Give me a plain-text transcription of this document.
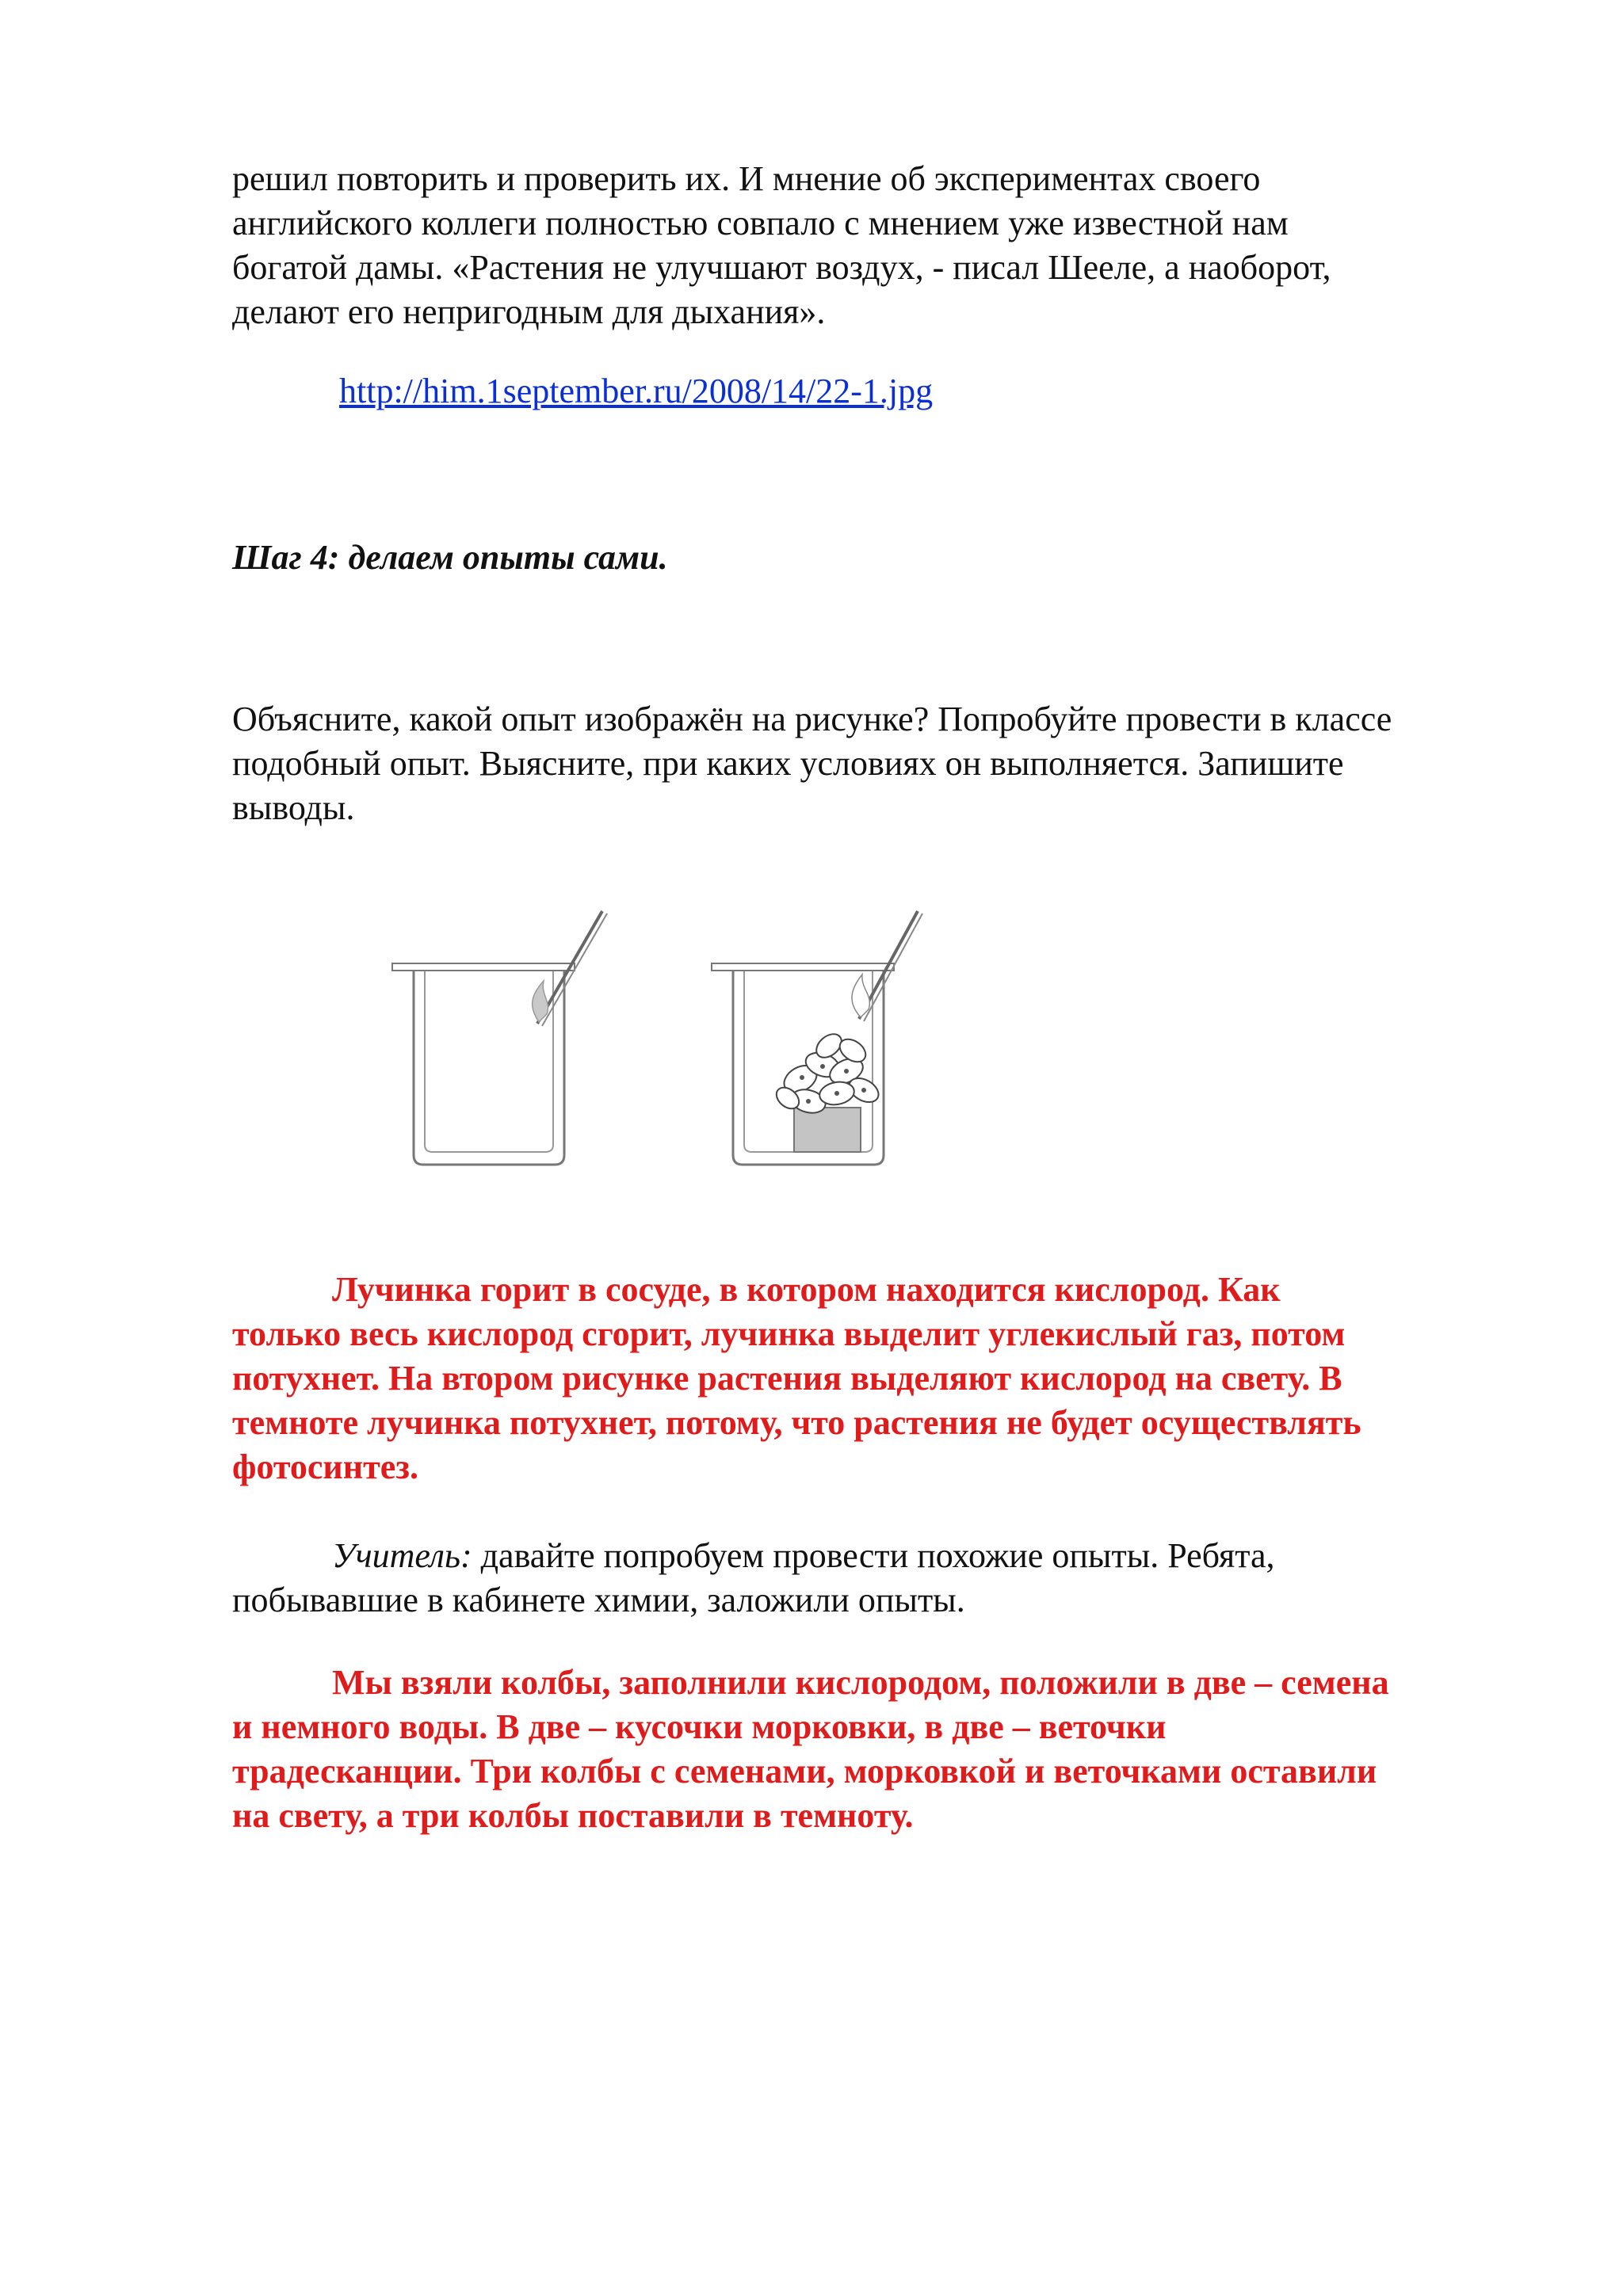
решил повторить и проверить их. И мнение об экспериментах своего
английского коллеги полностью совпало с мнением уже известной нам
богатой дамы. «Растения не улучшают воздух, - писал Шееле, а наоборот,
делают его непригодным для дыхания».
http://him.1september.ru/2008/14/22-1.jpg
Шаг 4: делаем опыты сами.
Объясните, какой опыт изображён на рисунке? Попробуйте провести в классе
подобный опыт. Выясните, при каких условиях он выполняется. Запишите
выводы.
Лучинка горит в сосуде, в котором находится кислород. Как
только весь кислород сгорит, лучинка выделит углекислый газ, потом
потухнет. На втором рисунке растения выделяют кислород на свету. В
темноте лучинка потухнет, потому, что растения не будет осуществлять
фотосинтез.
Учитель: давайте попробуем провести похожие опыты. Ребята,
побывавшие в кабинете химии, заложили опыты.
Мы взяли колбы, заполнили кислородом, положили в две – семена
и немного воды. В две – кусочки морковки, в две – веточки
традесканции. Три колбы с семенами, морковкой и веточками оставили
на свету, а три колбы поставили в темноту.
